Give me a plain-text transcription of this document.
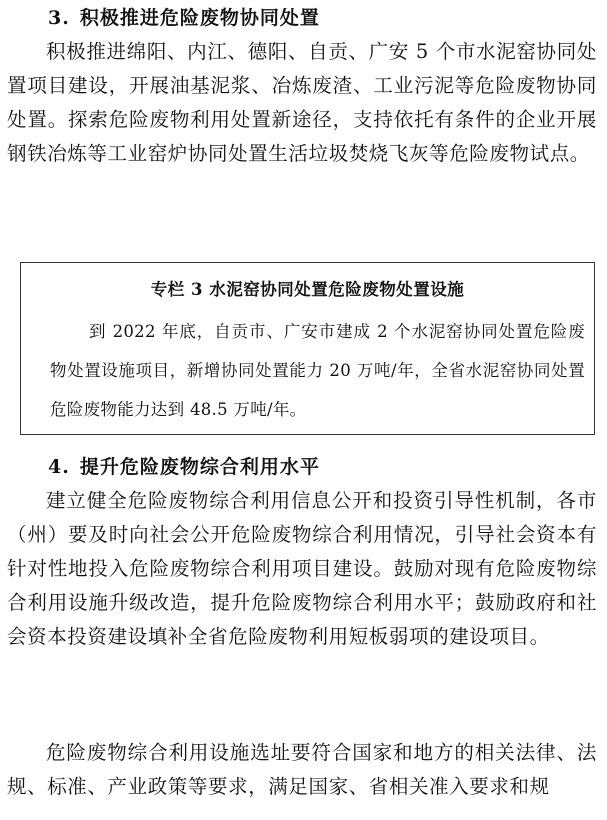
3. 积极推进危险废物协同处置
积极推进绵阳、内江、德阳、自贡、广安 5 个市水泥窑协同处置项目建设，开展油基泥浆、冶炼废渣、工业污泥等危险废物协同处置。探索危险废物利用处置新途径，支持依托有条件的企业开展钢铁冶炼等工业窑炉协同处置生活垃圾焚烧飞灰等危险废物试点。
专栏 3 水泥窑协同处置危险废物处置设施
到 2022 年底，自贡市、广安市建成 2 个水泥窑协同处置危险废物处置设施项目，新增协同处置能力 20 万吨/年，全省水泥窑协同处置危险废物能力达到 48.5 万吨/年。
4. 提升危险废物综合利用水平
建立健全危险废物综合利用信息公开和投资引导性机制，各市（州）要及时向社会公开危险废物综合利用情况，引导社会资本有针对性地投入危险废物综合利用项目建设。鼓励对现有危险废物综合利用设施升级改造，提升危险废物综合利用水平；鼓励政府和社会资本投资建设填补全省危险废物利用短板弱项的建设项目。
危险废物综合利用设施选址要符合国家和地方的相关法律、法规、标准、产业政策等要求，满足国家、省相关准入要求和规
